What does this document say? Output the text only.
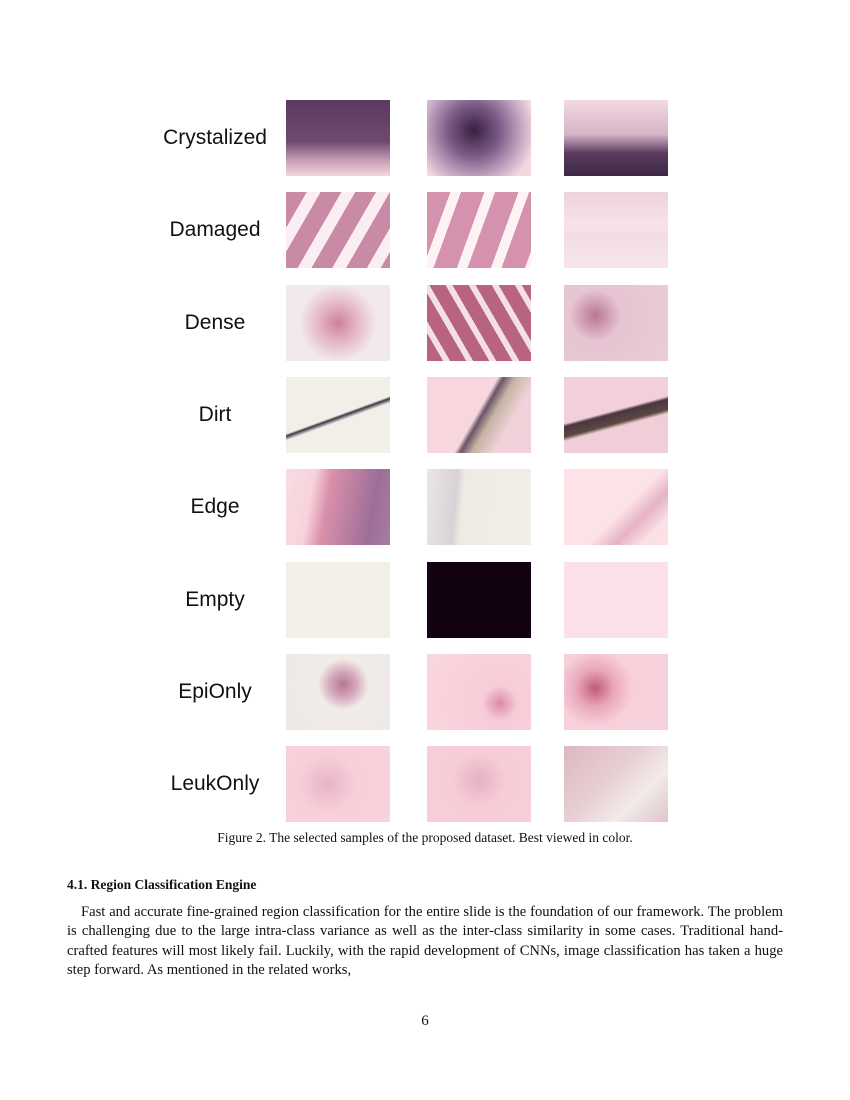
Crystalized
Damaged
Dense
Dirt
Edge
Empty
EpiOnly
LeukOnly
Figure 2. The selected samples of the proposed dataset. Best viewed in color.
4.1. Region Classification Engine

Fast and accurate fine-grained region classification for the entire slide is the foundation of our framework. The problem is challenging due to the large intra-class variance as well as the inter-class similarity in some cases. Traditional hand-crafted features will most likely fail. Luckily, with the rapid development of CNNs, image classification has taken a huge step forward. As mentioned in the related works,

6
